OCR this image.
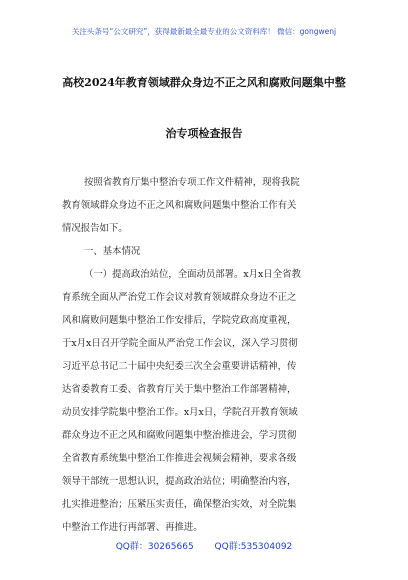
关注头条号“公文研究”，获得最新最全最专业的公文资料库！ 微信：gongwenj
高校2024年教育领域群众身边不正之风和腐败问题集中整
治专项检查报告
按照省教育厅集中整治专项工作文件精神，现将我院
教育领域群众身边不正之风和腐败问题集中整治工作有关
情况报告如下。
一、基本情况
（一）提高政治站位，全面动员部署。x月x日全省教
育系统全面从严治党工作会议对教育领域群众身边不正之
风和腐败问题集中整治工作安排后，学院党政高度重视，
于x月x日召开学院全面从严治党工作会议，深入学习贯彻
习近平总书记二十届中央纪委三次全会重要讲话精神，传
达省委教育工委、省教育厅关于集中整治工作部署精神，
动员安排学院集中整治工作。x月x日，学院召开教育领域
群众身边不正之风和腐败问题集中整治推进会，学习贯彻
全省教育系统集中整治工作推进会视频会精神，要求各级
领导干部统一思想认识，提高政治站位；明确整治内容，
扎实推进整治；压紧压实责任，确保整治实效，对全院集
中整治工作进行再部署、再推进。
QQ群：30265665 QQ群:535304092
